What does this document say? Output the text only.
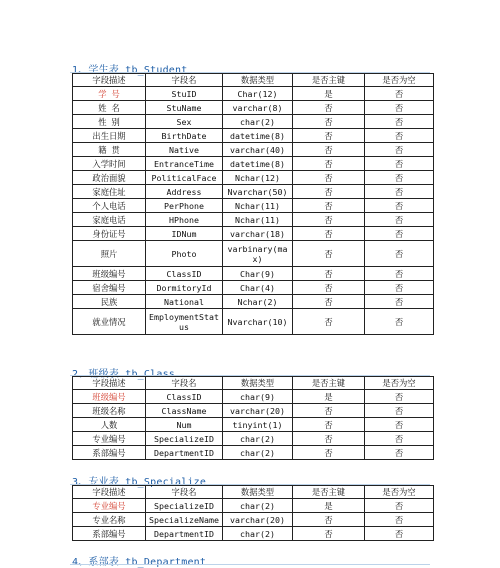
1、学生表 tb_Student
字段描述	字段名	数据类型	是否主键	是否为空
学 号	StuID	Char(12)	是	否
姓 名	StuName	varchar(8)	否	否
性 别	Sex	char(2)	否	否
出生日期	BirthDate	datetime(8)	否	否
籍 贯	Native	varchar(40)	否	否
入学时间	EntranceTime	datetime(8)	否	否
政治面貌	PoliticalFace	Nchar(12)	否	否
家庭住址	Address	Nvarchar(50)	否	否
个人电话	PerPhone	Nchar(11)	否	否
家庭电话	HPhone	Nchar(11)	否	否
身份证号	IDNum	varchar(18)	否	否
照片	Photo	varbinary(max)	否	否
班级编号	ClassID	Char(9)	否	否
宿舍编号	DormitoryId	Char(4)	否	否
民族	National	Nchar(2)	否	否
就业情况	EmploymentStatus	Nvarchar(10)	否	否
2、班级表 tb_Class
字段描述	字段名	数据类型	是否主键	是否为空
班级编号	ClassID	char(9)	是	否
班级名称	ClassName	varchar(20)	否	否
人数	Num	tinyint(1)	否	否
专业编号	SpecializeID	char(2)	否	否
系部编号	DepartmentID	char(2)	否	否
3、专业表 tb_Specialize
字段描述	字段名	数据类型	是否主键	是否为空
专业编号	SpecializeID	char(2)	是	否
专业名称	SpecializeName	varchar(20)	否	否
系部编号	DepartmentID	char(2)	否	否
4、系部表 tb_Department
